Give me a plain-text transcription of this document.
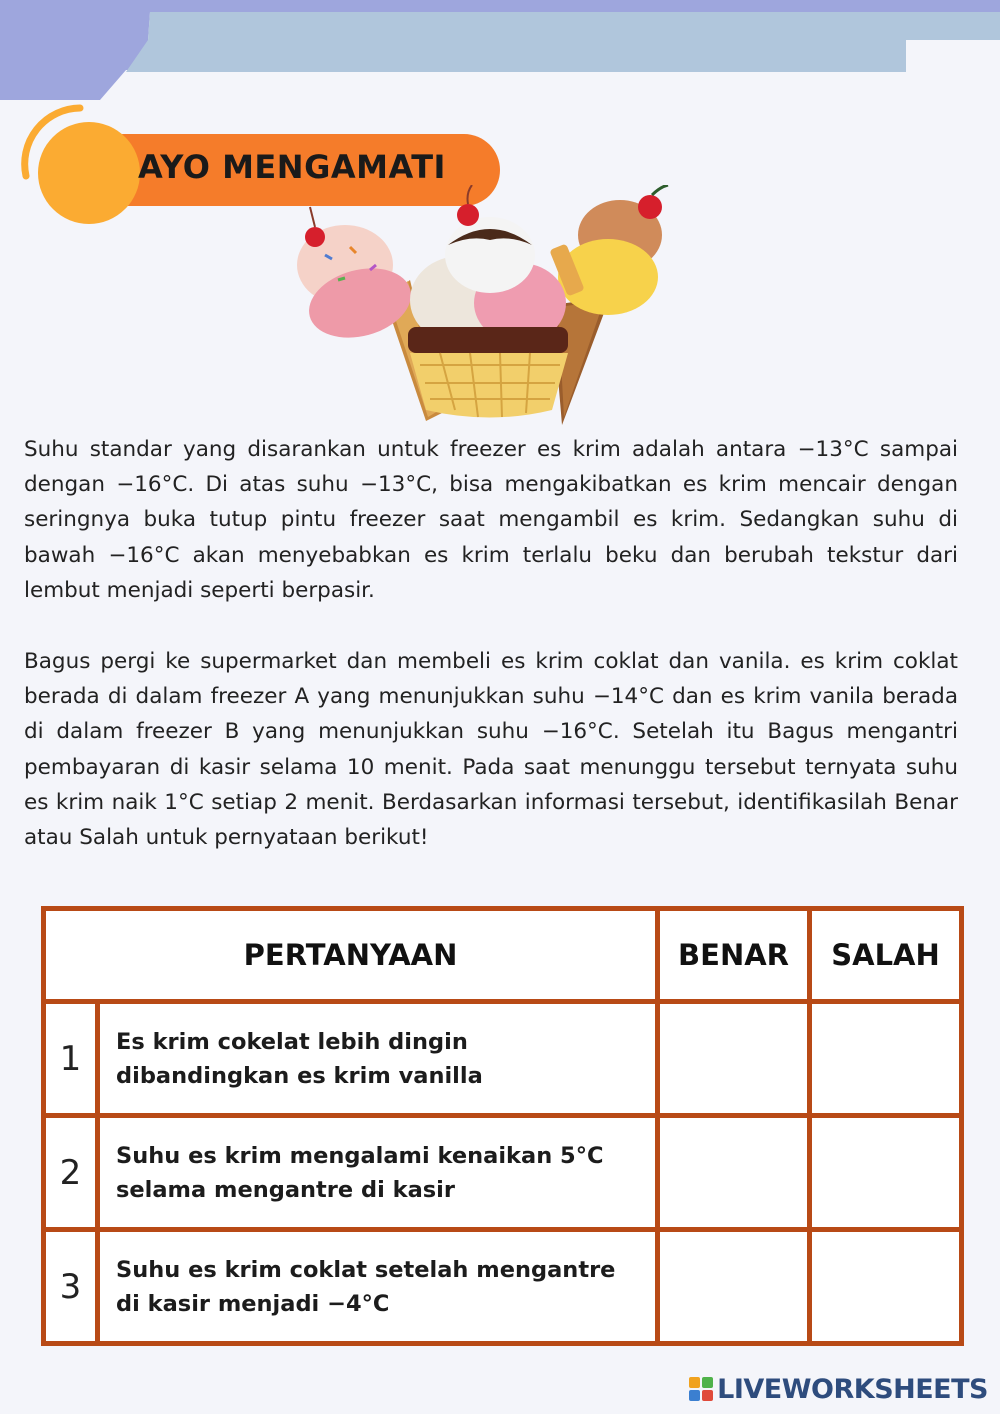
AYO MENGAMATI

Suhu standar yang disarankan untuk freezer es krim adalah antara −13°C sampai dengan −16°C. Di atas suhu −13°C, bisa mengakibatkan es krim mencair dengan seringnya buka tutup pintu freezer saat mengambil es krim. Sedangkan suhu di bawah −16°C akan menyebabkan es krim terlalu beku dan berubah tekstur dari lembut menjadi seperti berpasir.

Bagus pergi ke supermarket dan membeli es krim coklat dan vanila. es krim coklat berada di dalam freezer A yang menunjukkan suhu −14°C dan es krim vanila berada di dalam freezer B yang menunjukkan suhu −16°C. Setelah itu Bagus mengantri pembayaran di kasir selama 10 menit. Pada saat menunggu tersebut ternyata suhu es krim naik 1°C setiap 2 menit. Berdasarkan informasi tersebut, identifikasilah Benar atau Salah untuk pernyataan berikut!

PERTANYAAN		BENAR	SALAH
1	Es krim cokelat lebih dingin dibandingkan es krim vanilla		
2	Suhu es krim mengalami kenaikan 5°C selama mengantre di kasir		
3	Suhu es krim coklat setelah mengantre di kasir menjadi −4°C		
LIVEWORKSHEETS
